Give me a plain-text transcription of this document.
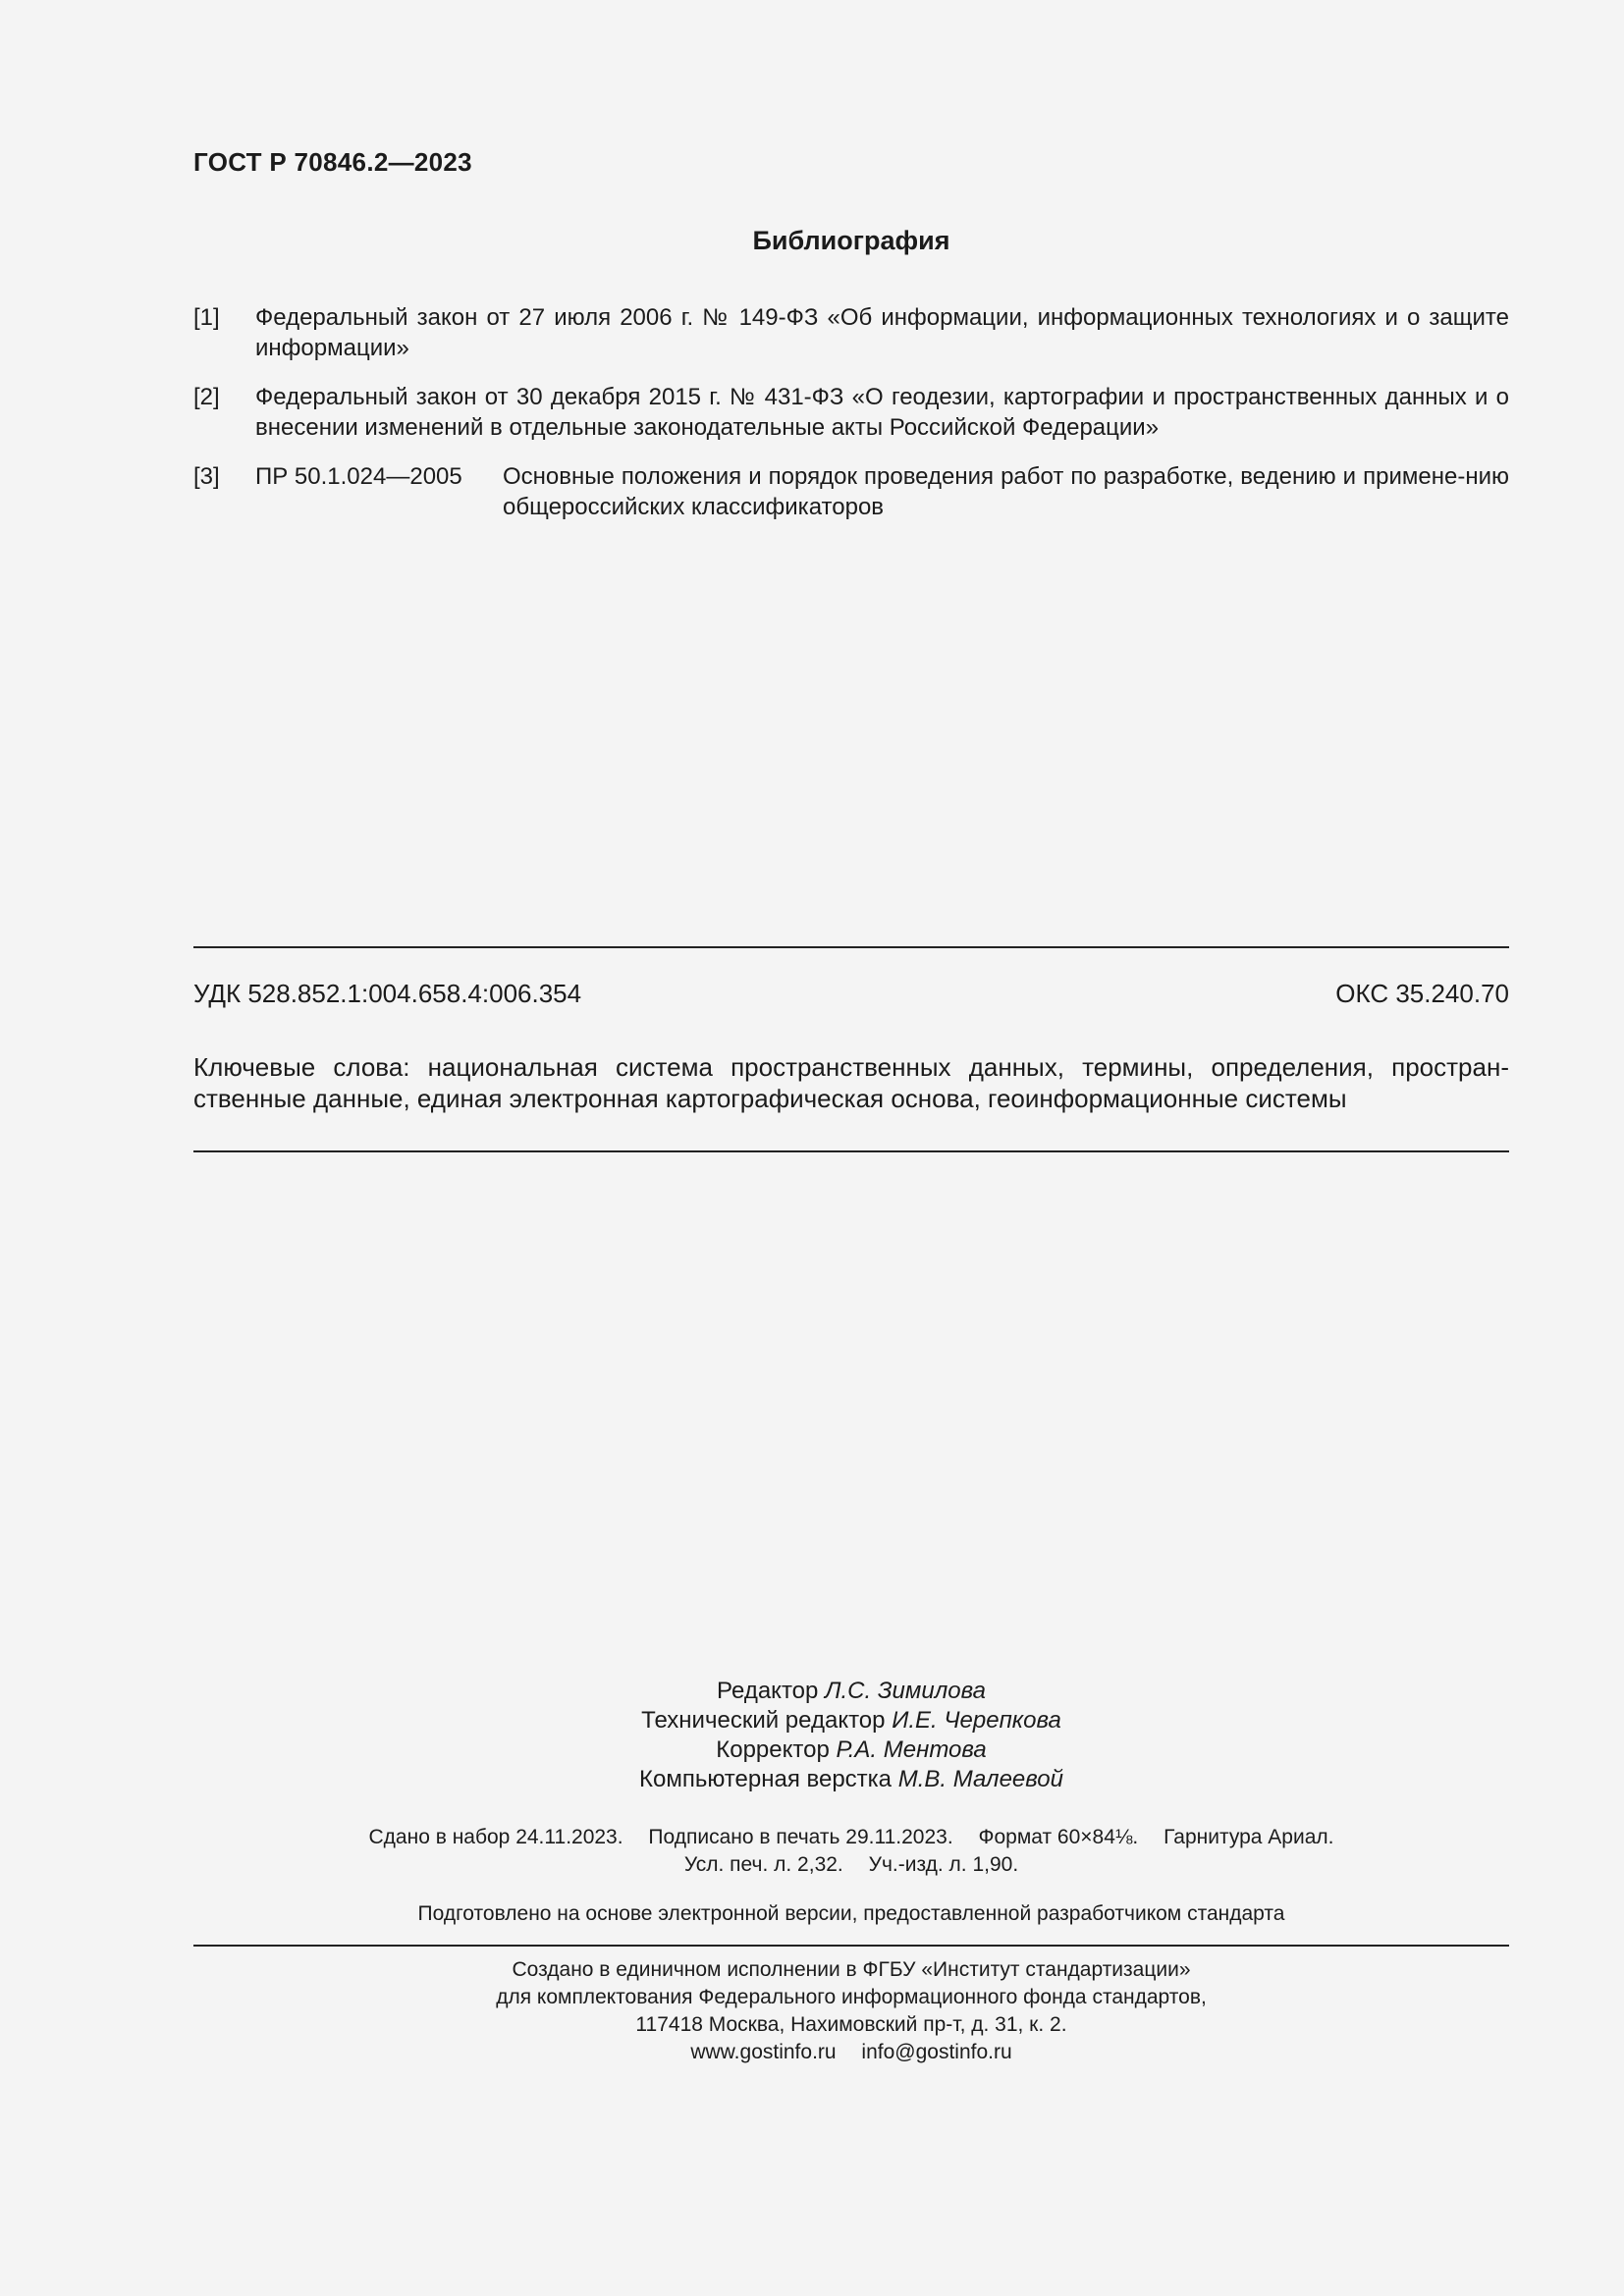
ГОСТ Р 70846.2—2023
Библиография
[1]	Федеральный закон от 27 июля 2006 г. № 149-ФЗ «Об информации, информационных технологиях и о защите информации»
[2]	Федеральный закон от 30 декабря 2015 г. № 431-ФЗ «О геодезии, картографии и пространственных данных и о внесении изменений в отдельные законодательные акты Российской Федерации»
[3]	ПР 50.1.024—2005	Основные положения и порядок проведения работ по разработке, ведению и примене-нию общероссийских классификаторов
УДК 528.852.1:004.658.4:006.354	ОКС 35.240.70
Ключевые слова: национальная система пространственных данных, термины, определения, простран-ственные данные, единая электронная картографическая основа, геоинформационные системы
Редактор Л.С. Зимилова
Технический редактор И.Е. Черепкова
Корректор Р.А. Ментова
Компьютерная верстка М.В. Малеевой
Сдано в набор 24.11.2023. Подписано в печать 29.11.2023. Формат 60×84⅛. Гарнитура Ариал.
Усл. печ. л. 2,32. Уч.-изд. л. 1,90.
Подготовлено на основе электронной версии, предоставленной разработчиком стандарта
Создано в единичном исполнении в ФГБУ «Институт стандартизации»
для комплектования Федерального информационного фонда стандартов,
117418 Москва, Нахимовский пр-т, д. 31, к. 2.
www.gostinfo.ru info@gostinfo.ru
